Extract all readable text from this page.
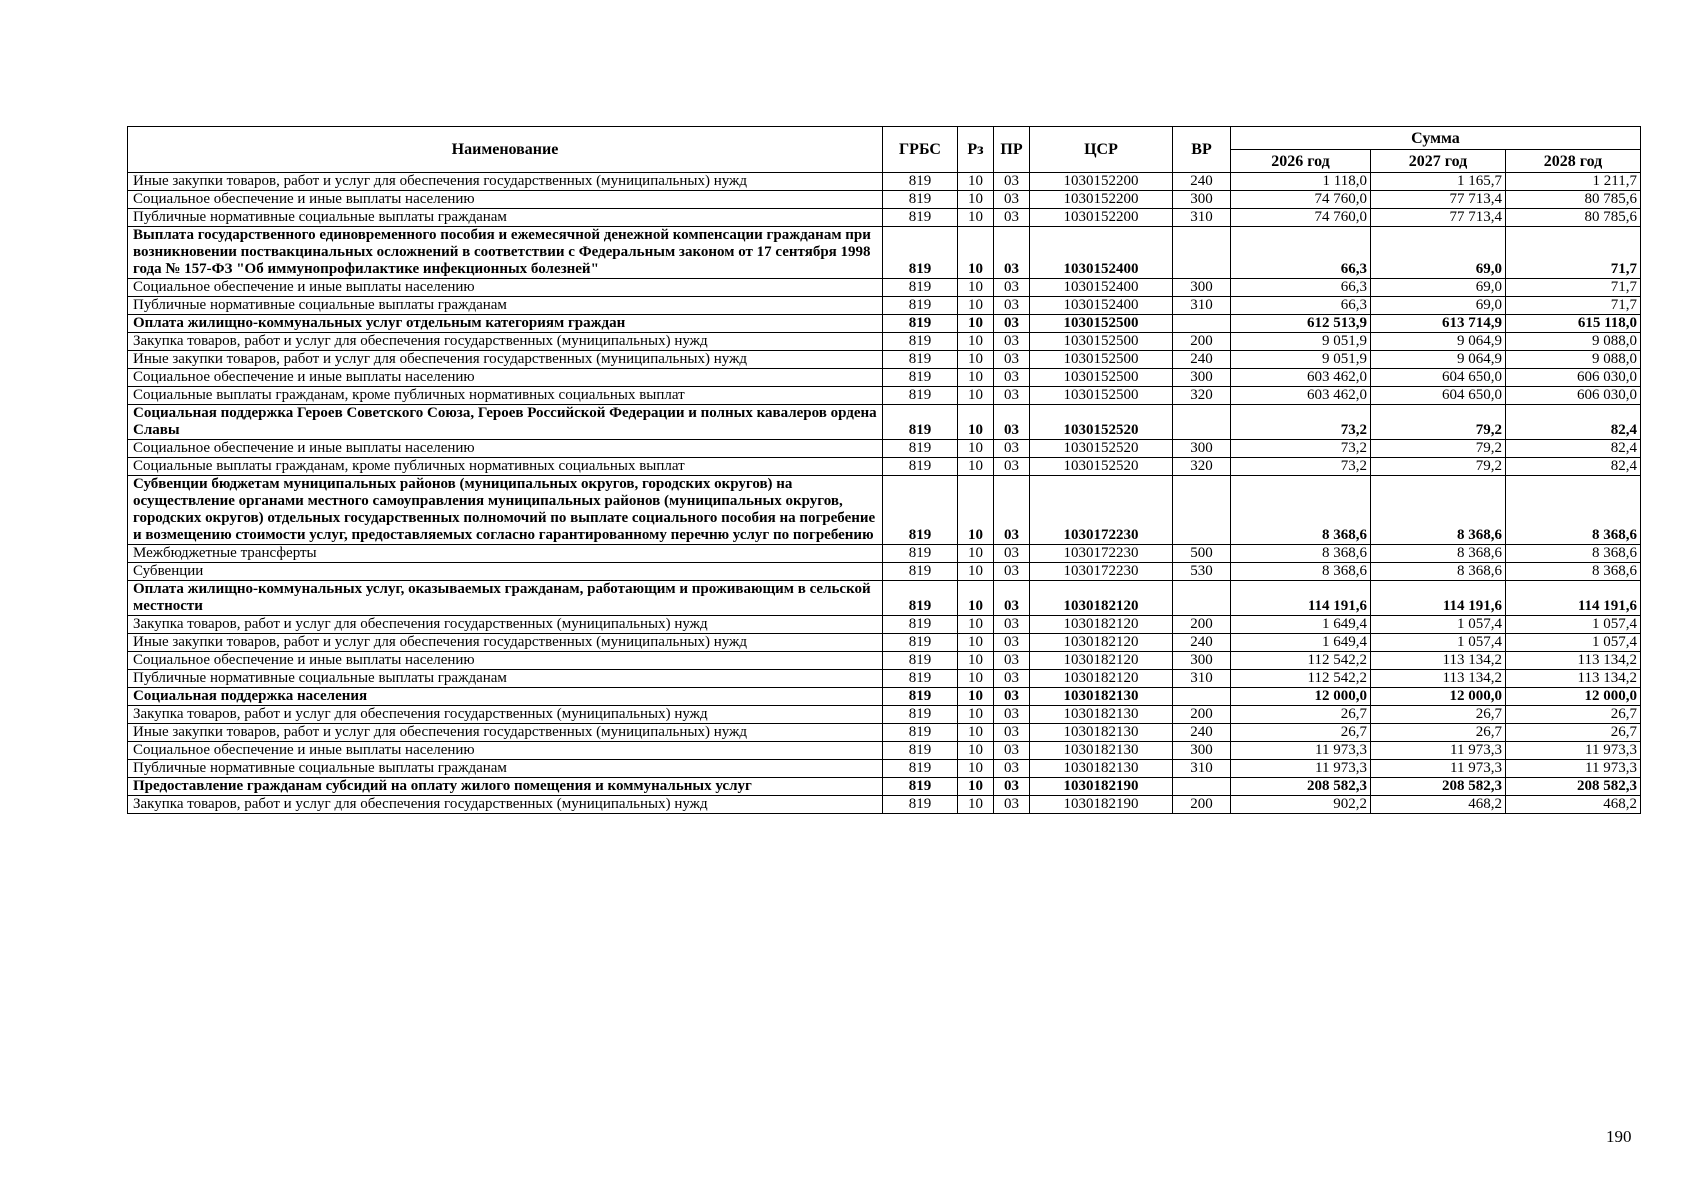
Наименование	ГРБС	Рз	ПР	ЦСР	ВР	Сумма		
						2026 год	2027 год	2028 год
Иные закупки товаров, работ и услуг для обеспечения государственных (муниципальных) нужд	819	10	03	1030152200	240	1 118,0	1 165,7	1 211,7
Социальное обеспечение и иные выплаты населению	819	10	03	1030152200	300	74 760,0	77 713,4	80 785,6
Публичные нормативные социальные выплаты гражданам	819	10	03	1030152200	310	74 760,0	77 713,4	80 785,6
Выплата государственного единовременного пособия и ежемесячной денежной компенсации гражданам при возникновении поствакцинальных осложнений в соответствии с Федеральным законом от 17 сентября 1998 года № 157-ФЗ "Об иммунопрофилактике инфекционных болезней"	819	10	03	1030152400		66,3	69,0	71,7
Социальное обеспечение и иные выплаты населению	819	10	03	1030152400	300	66,3	69,0	71,7
Публичные нормативные социальные выплаты гражданам	819	10	03	1030152400	310	66,3	69,0	71,7
Оплата жилищно-коммунальных услуг отдельным категориям граждан	819	10	03	1030152500		612 513,9	613 714,9	615 118,0
Закупка товаров, работ и услуг для обеспечения государственных (муниципальных) нужд	819	10	03	1030152500	200	9 051,9	9 064,9	9 088,0
Иные закупки товаров, работ и услуг для обеспечения государственных (муниципальных) нужд	819	10	03	1030152500	240	9 051,9	9 064,9	9 088,0
Социальное обеспечение и иные выплаты населению	819	10	03	1030152500	300	603 462,0	604 650,0	606 030,0
Социальные выплаты гражданам, кроме публичных нормативных социальных выплат	819	10	03	1030152500	320	603 462,0	604 650,0	606 030,0
Социальная поддержка Героев Советского Союза, Героев Российской Федерации и полных кавалеров ордена Славы	819	10	03	1030152520		73,2	79,2	82,4
Социальное обеспечение и иные выплаты населению	819	10	03	1030152520	300	73,2	79,2	82,4
Социальные выплаты гражданам, кроме публичных нормативных социальных выплат	819	10	03	1030152520	320	73,2	79,2	82,4
Субвенции бюджетам муниципальных районов (муниципальных округов, городских округов) на осуществление органами местного самоуправления муниципальных районов (муниципальных округов, городских округов) отдельных государственных полномочий по выплате социального пособия на погребение и возмещению стоимости услуг, предоставляемых согласно гарантированному перечню услуг по погребению	819	10	03	1030172230		8 368,6	8 368,6	8 368,6
Межбюджетные трансферты	819	10	03	1030172230	500	8 368,6	8 368,6	8 368,6
Субвенции	819	10	03	1030172230	530	8 368,6	8 368,6	8 368,6
Оплата жилищно-коммунальных услуг, оказываемых гражданам, работающим и проживающим в сельской местности	819	10	03	1030182120		114 191,6	114 191,6	114 191,6
Закупка товаров, работ и услуг для обеспечения государственных (муниципальных) нужд	819	10	03	1030182120	200	1 649,4	1 057,4	1 057,4
Иные закупки товаров, работ и услуг для обеспечения государственных (муниципальных) нужд	819	10	03	1030182120	240	1 649,4	1 057,4	1 057,4
Социальное обеспечение и иные выплаты населению	819	10	03	1030182120	300	112 542,2	113 134,2	113 134,2
Публичные нормативные социальные выплаты гражданам	819	10	03	1030182120	310	112 542,2	113 134,2	113 134,2
Социальная поддержка населения	819	10	03	1030182130		12 000,0	12 000,0	12 000,0
Закупка товаров, работ и услуг для обеспечения государственных (муниципальных) нужд	819	10	03	1030182130	200	26,7	26,7	26,7
Иные закупки товаров, работ и услуг для обеспечения государственных (муниципальных) нужд	819	10	03	1030182130	240	26,7	26,7	26,7
Социальное обеспечение и иные выплаты населению	819	10	03	1030182130	300	11 973,3	11 973,3	11 973,3
Публичные нормативные социальные выплаты гражданам	819	10	03	1030182130	310	11 973,3	11 973,3	11 973,3
Предоставление гражданам субсидий на оплату жилого помещения и коммунальных услуг	819	10	03	1030182190		208 582,3	208 582,3	208 582,3
Закупка товаров, работ и услуг для обеспечения государственных (муниципальных) нужд	819	10	03	1030182190	200	902,2	468,2	468,2
190
